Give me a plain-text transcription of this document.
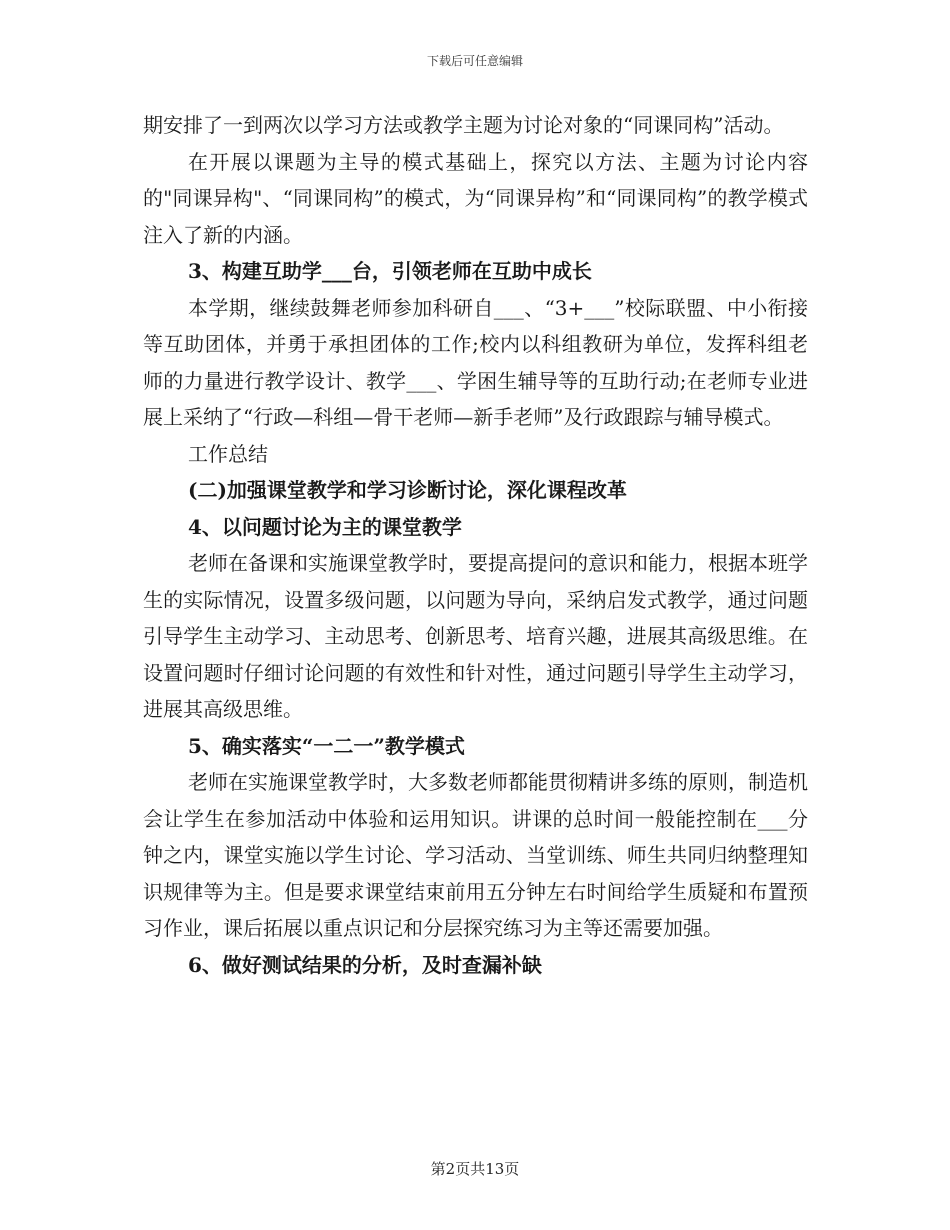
下载后可任意编辑

期安排了一到两次以学习方法或教学主题为讨论对象的“同课同构”活动。

在开展以课题为主导的模式基础上，探究以方法、主题为讨论内容的"同课异构"、“同课同构”的模式，为“同课异构”和“同课同构”的教学模式注入了新的内涵。

3、构建互助学___台，引领老师在互助中成长

本学期，继续鼓舞老师参加科研自___、“3+___”校际联盟、中小衔接等互助团体，并勇于承担团体的工作;校内以科组教研为单位，发挥科组老师的力量进行教学设计、教学___、学困生辅导等的互助行动;在老师专业进展上采纳了“行政—科组—骨干老师—新手老师”及行政跟踪与辅导模式。

工作总结

(二)加强课堂教学和学习诊断讨论，深化课程改革

4、以问题讨论为主的课堂教学

老师在备课和实施课堂教学时，要提高提问的意识和能力，根据本班学生的实际情况，设置多级问题，以问题为导向，采纳启发式教学，通过问题引导学生主动学习、主动思考、创新思考、培育兴趣，进展其高级思维。在设置问题时仔细讨论问题的有效性和针对性，通过问题引导学生主动学习，进展其高级思维。

5、确实落实“一二一”教学模式

老师在实施课堂教学时，大多数老师都能贯彻精讲多练的原则，制造机会让学生在参加活动中体验和运用知识。讲课的总时间一般能控制在___分钟之内，课堂实施以学生讨论、学习活动、当堂训练、师生共同归纳整理知识规律等为主。但是要求课堂结束前用五分钟左右时间给学生质疑和布置预习作业，课后拓展以重点识记和分层探究练习为主等还需要加强。

6、做好测试结果的分析，及时查漏补缺

第2页共13页
